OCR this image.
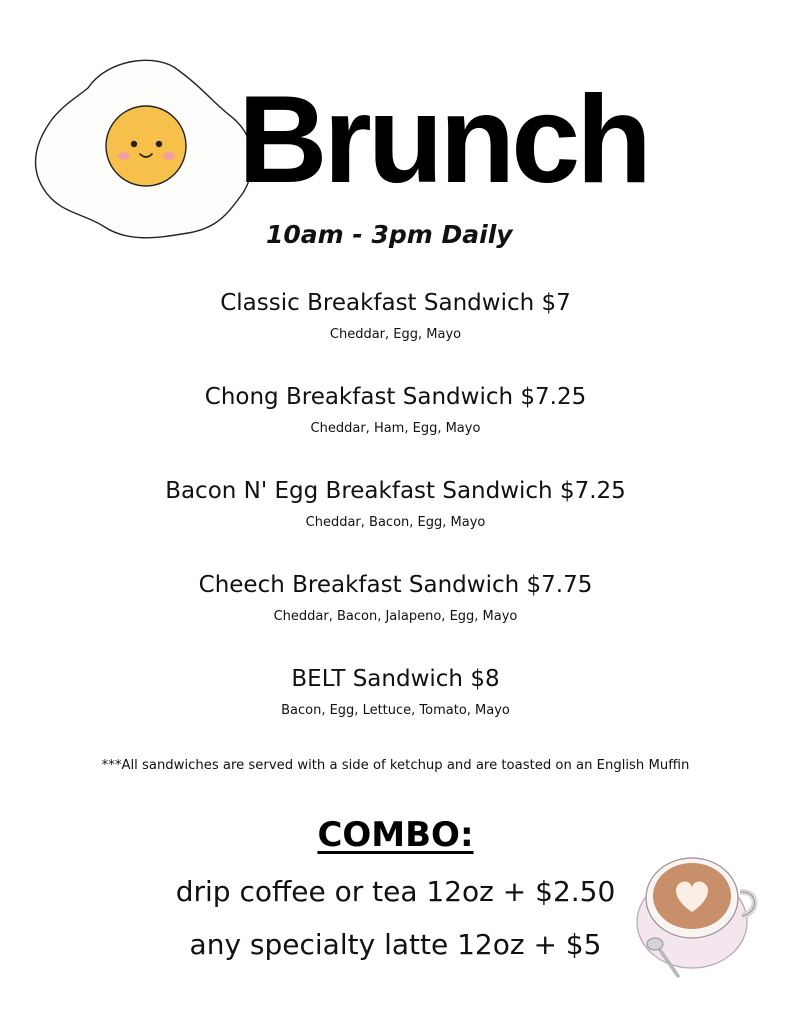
Brunch

10am - 3pm Daily

Classic Breakfast Sandwich $7
Cheddar, Egg, Mayo
Chong Breakfast Sandwich $7.25
Cheddar, Ham, Egg, Mayo
Bacon N' Egg Breakfast Sandwich $7.25
Cheddar, Bacon, Egg, Mayo
Cheech Breakfast Sandwich $7.75
Cheddar, Bacon, Jalapeno, Egg, Mayo
BELT Sandwich $8
Bacon, Egg, Lettuce, Tomato, Mayo
***All sandwiches are served with a side of ketchup and are toasted on an English Muffin
COMBO:
drip coffee or tea 12oz + $2.50
any specialty latte 12oz + $5
